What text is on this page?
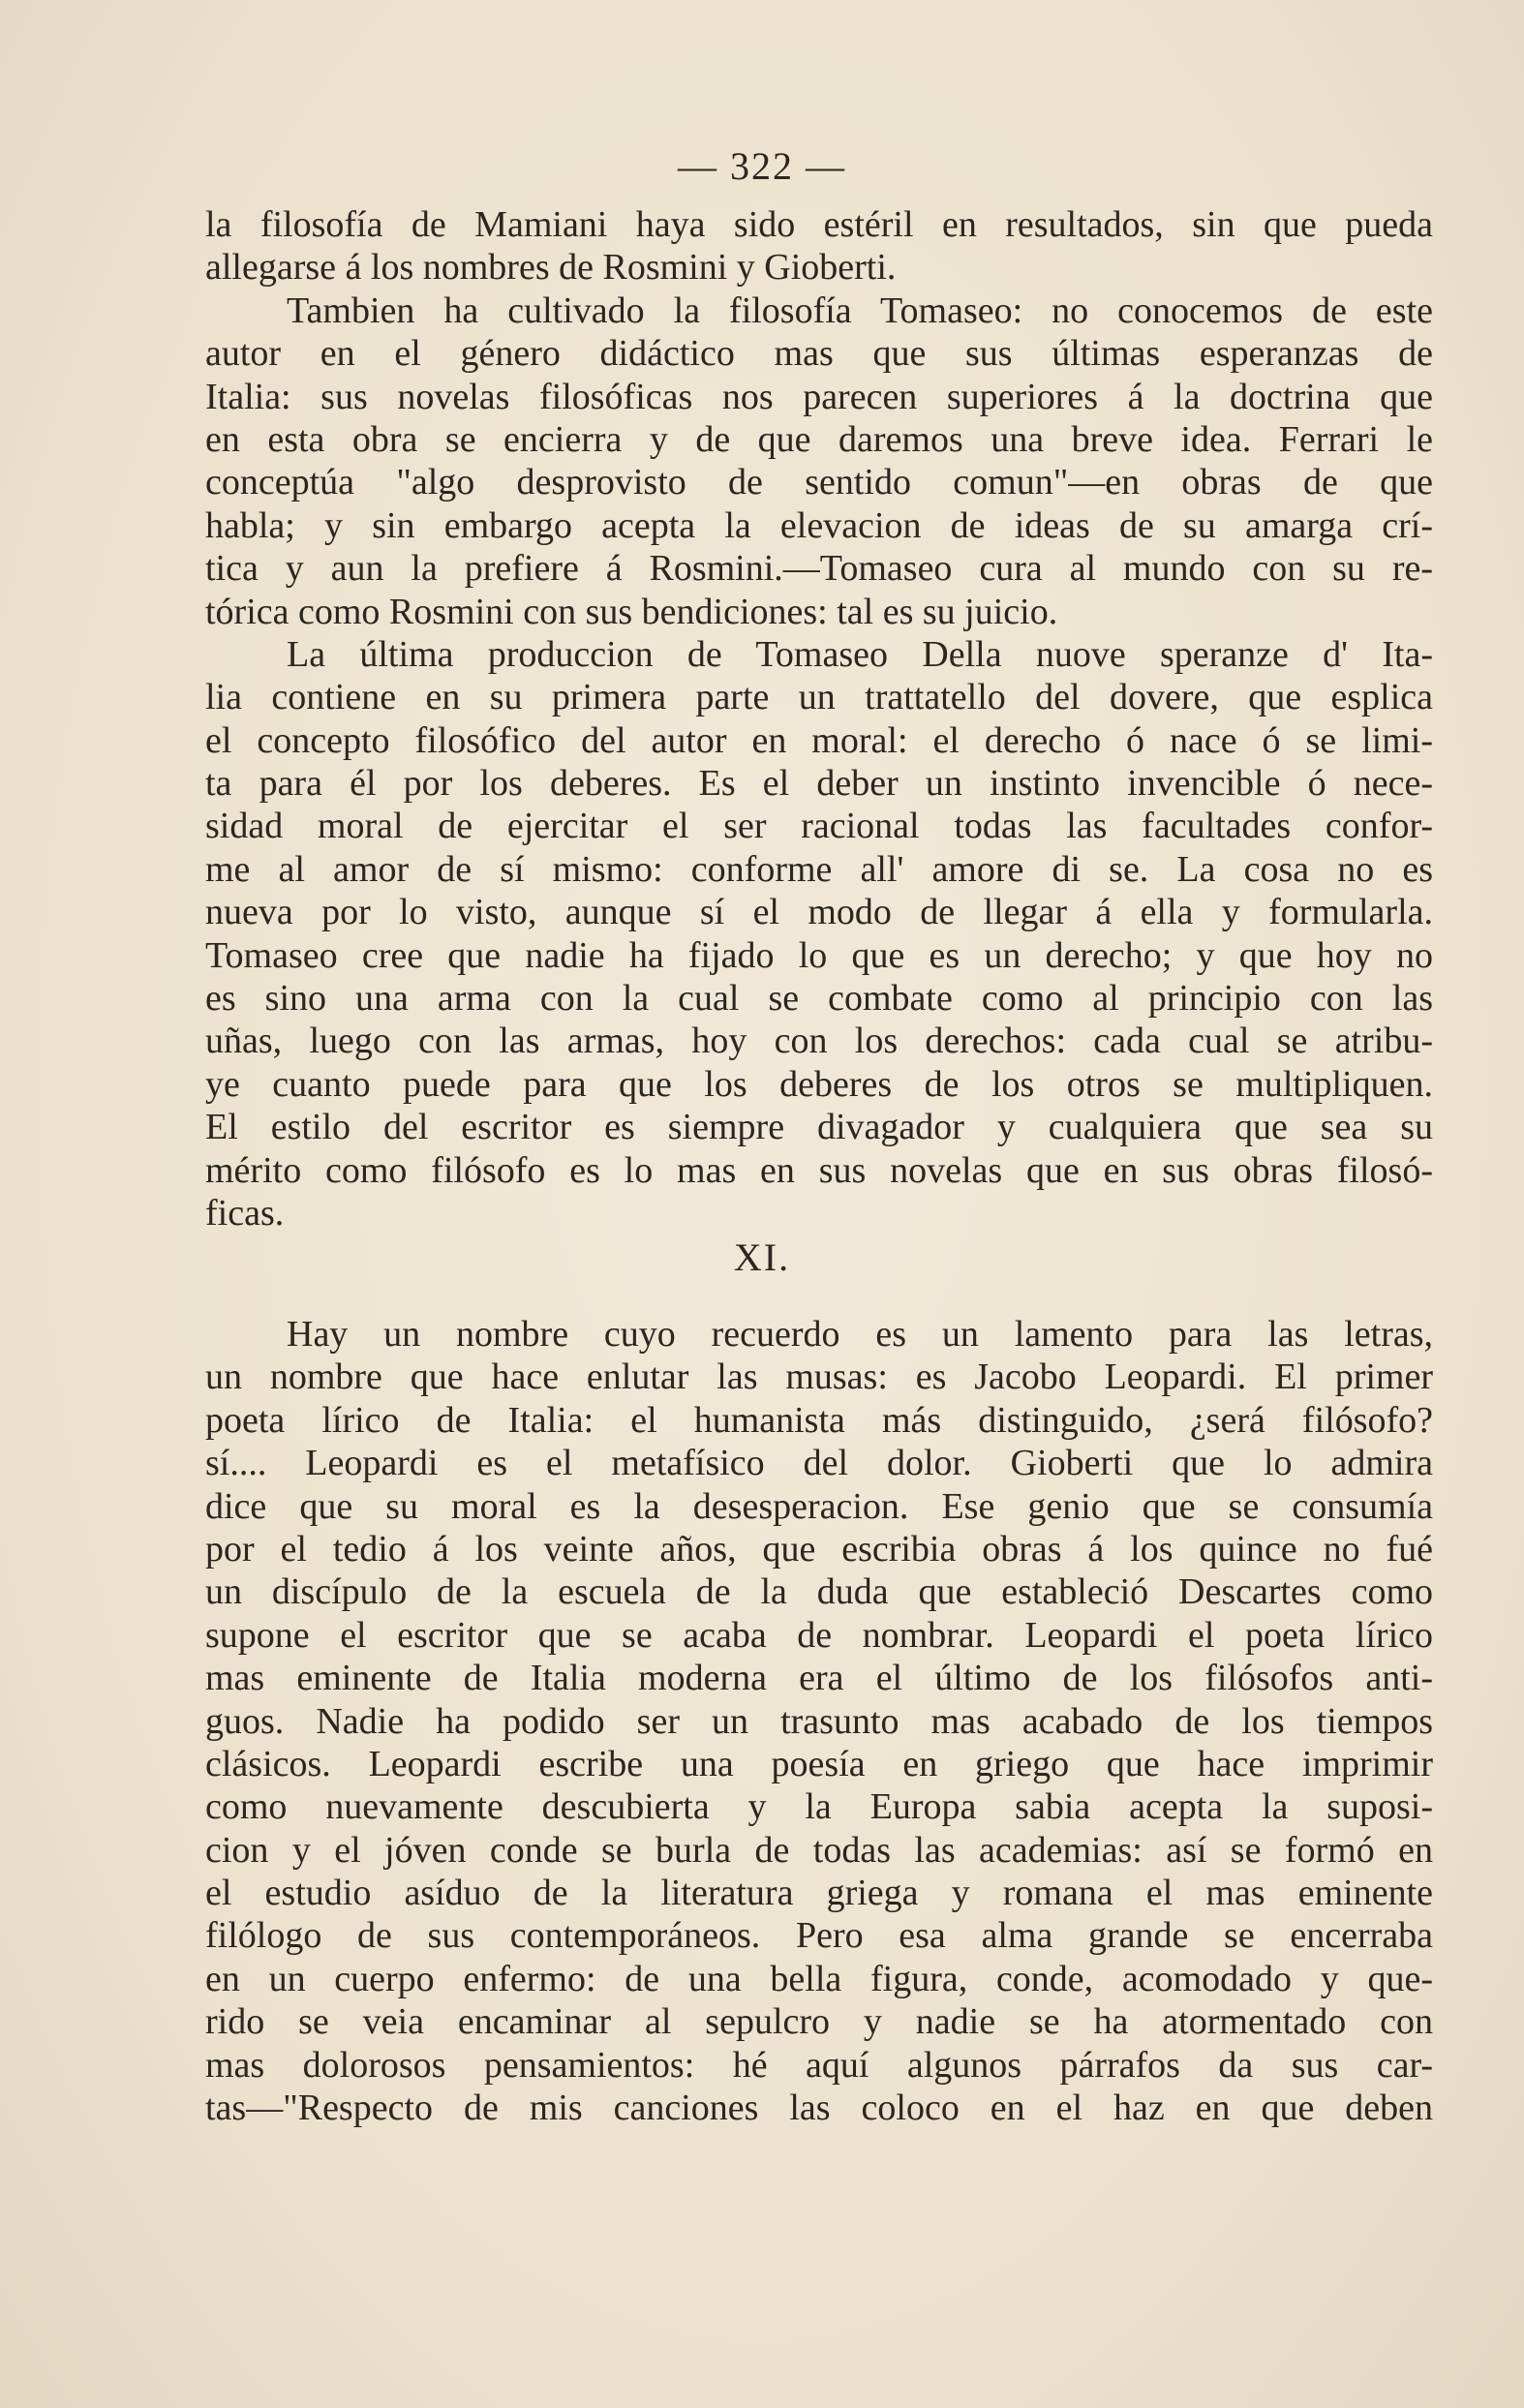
— 322 —
la filosofía de Mamiani haya sido estéril en resultados, sin que pueda
allegarse á los nombres de Rosmini y Gioberti.
Tambien ha cultivado la filosofía Tomaseo: no conocemos de este
autor en el género didáctico mas que sus últimas esperanzas de
Italia: sus novelas filosóficas nos parecen superiores á la doctrina que
en esta obra se encierra y de que daremos una breve idea. Ferrari le
conceptúa "algo desprovisto de sentido comun"—en obras de que
habla; y sin embargo acepta la elevacion de ideas de su amarga crí-
tica y aun la prefiere á Rosmini.—Tomaseo cura al mundo con su re-
tórica como Rosmini con sus bendiciones: tal es su juicio.
La última produccion de Tomaseo Della nuove speranze d' Ita-
lia contiene en su primera parte un trattatello del dovere, que esplica
el concepto filosófico del autor en moral: el derecho ó nace ó se limi-
ta para él por los deberes. Es el deber un instinto invencible ó nece-
sidad moral de ejercitar el ser racional todas las facultades confor-
me al amor de sí mismo: conforme all' amore di se. La cosa no es
nueva por lo visto, aunque sí el modo de llegar á ella y formularla.
Tomaseo cree que nadie ha fijado lo que es un derecho; y que hoy no
es sino una arma con la cual se combate como al principio con las
uñas, luego con las armas, hoy con los derechos: cada cual se atribu-
ye cuanto puede para que los deberes de los otros se multipliquen.
El estilo del escritor es siempre divagador y cualquiera que sea su
mérito como filósofo es lo mas en sus novelas que en sus obras filosó-
ficas.
XI.
Hay un nombre cuyo recuerdo es un lamento para las letras,
un nombre que hace enlutar las musas: es Jacobo Leopardi. El primer
poeta lírico de Italia: el humanista más distinguido, ¿será filósofo?
sí.... Leopardi es el metafísico del dolor. Gioberti que lo admira
dice que su moral es la desesperacion. Ese genio que se consumía
por el tedio á los veinte años, que escribia obras á los quince no fué
un discípulo de la escuela de la duda que estableció Descartes como
supone el escritor que se acaba de nombrar. Leopardi el poeta lírico
mas eminente de Italia moderna era el último de los filósofos anti-
guos. Nadie ha podido ser un trasunto mas acabado de los tiempos
clásicos. Leopardi escribe una poesía en griego que hace imprimir
como nuevamente descubierta y la Europa sabia acepta la suposi-
cion y el jóven conde se burla de todas las academias: así se formó en
el estudio asíduo de la literatura griega y romana el mas eminente
filólogo de sus contemporáneos. Pero esa alma grande se encerraba
en un cuerpo enfermo: de una bella figura, conde, acomodado y que-
rido se veia encaminar al sepulcro y nadie se ha atormentado con
mas dolorosos pensamientos: hé aquí algunos párrafos da sus car-
tas—"Respecto de mis canciones las coloco en el haz en que deben
